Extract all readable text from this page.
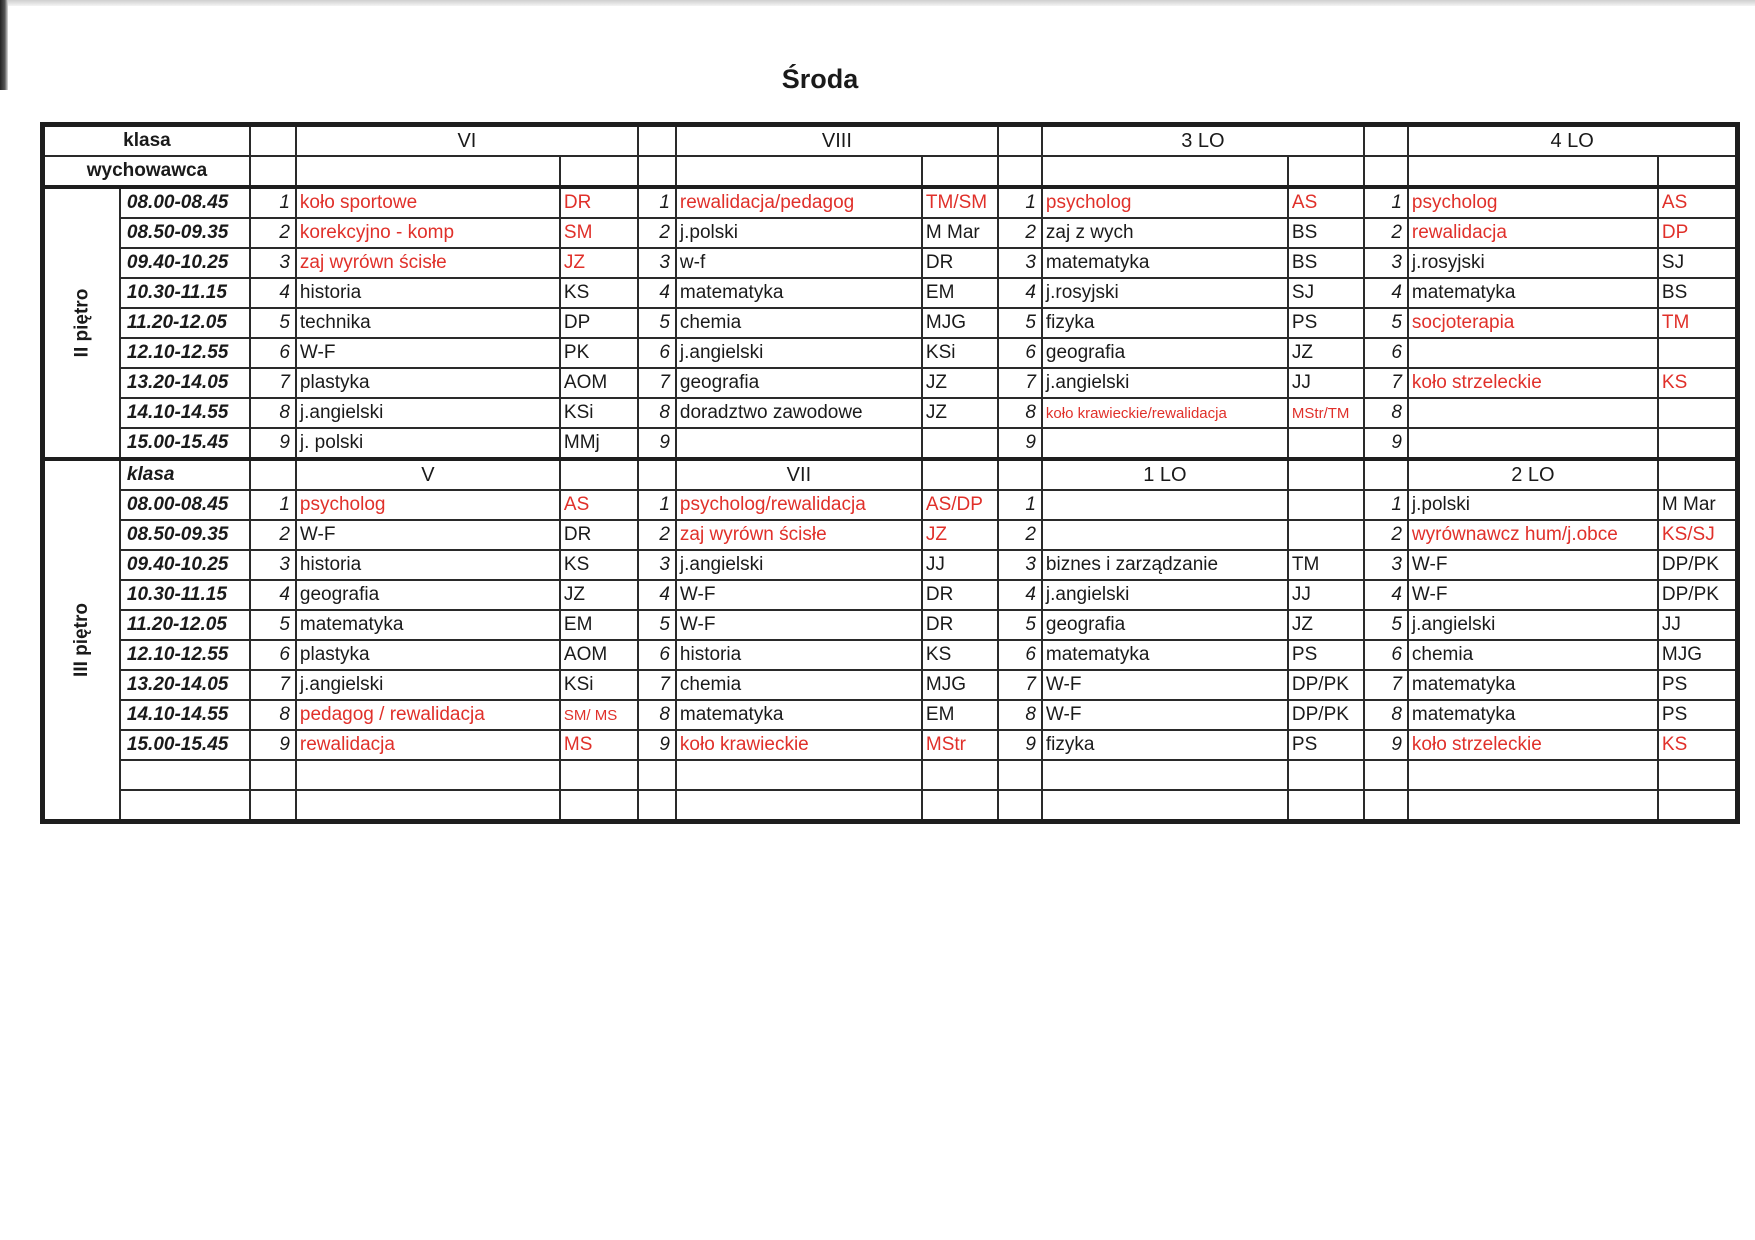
Środa
klasa			VI			VIII			3 LO			4 LO	
wychowawca													
II piętro	08.00-08.45	1	koło sportowe	DR	1	rewalidacja/pedagog	TM/SM	1	psycholog	AS	1	psycholog	AS
	08.50-09.35	2	korekcyjno - komp	SM	2	j.polski	M Mar	2	zaj z wych	BS	2	rewalidacja	DP
	09.40-10.25	3	zaj wyrówn ścisłe	JZ	3	w-f	DR	3	matematyka	BS	3	j.rosyjski	SJ
	10.30-11.15	4	historia	KS	4	matematyka	EM	4	j.rosyjski	SJ	4	matematyka	BS
	11.20-12.05	5	technika	DP	5	chemia	MJG	5	fizyka	PS	5	socjoterapia	TM
	12.10-12.55	6	W-F	PK	6	j.angielski	KSi	6	geografia	JZ	6		
	13.20-14.05	7	plastyka	AOM	7	geografia	JZ	7	j.angielski	JJ	7	koło strzeleckie	KS
	14.10-14.55	8	j.angielski	KSi	8	doradztwo zawodowe	JZ	8	koło krawieckie/rewalidacja	MStr/TM	8		
	15.00-15.45	9	j. polski	MMj	9			9			9		
III piętro	klasa		V			VII			1 LO			2 LO	
	08.00-08.45	1	psycholog	AS	1	psycholog/rewalidacja	AS/DP	1			1	j.polski	M Mar
	08.50-09.35	2	W-F	DR	2	zaj wyrówn ścisłe	JZ	2			2	wyrównawcz hum/j.obce	KS/SJ
	09.40-10.25	3	historia	KS	3	j.angielski	JJ	3	biznes i zarządzanie	TM	3	W-F	DP/PK
	10.30-11.15	4	geografia	JZ	4	W-F	DR	4	j.angielski	JJ	4	W-F	DP/PK
	11.20-12.05	5	matematyka	EM	5	W-F	DR	5	geografia	JZ	5	j.angielski	JJ
	12.10-12.55	6	plastyka	AOM	6	historia	KS	6	matematyka	PS	6	chemia	MJG
	13.20-14.05	7	j.angielski	KSi	7	chemia	MJG	7	W-F	DP/PK	7	matematyka	PS
	14.10-14.55	8	pedagog / rewalidacja	SM/ MS	8	matematyka	EM	8	W-F	DP/PK	8	matematyka	PS
	15.00-15.45	9	rewalidacja	MS	9	koło krawieckie	MStr	9	fizyka	PS	9	koło strzeleckie	KS
